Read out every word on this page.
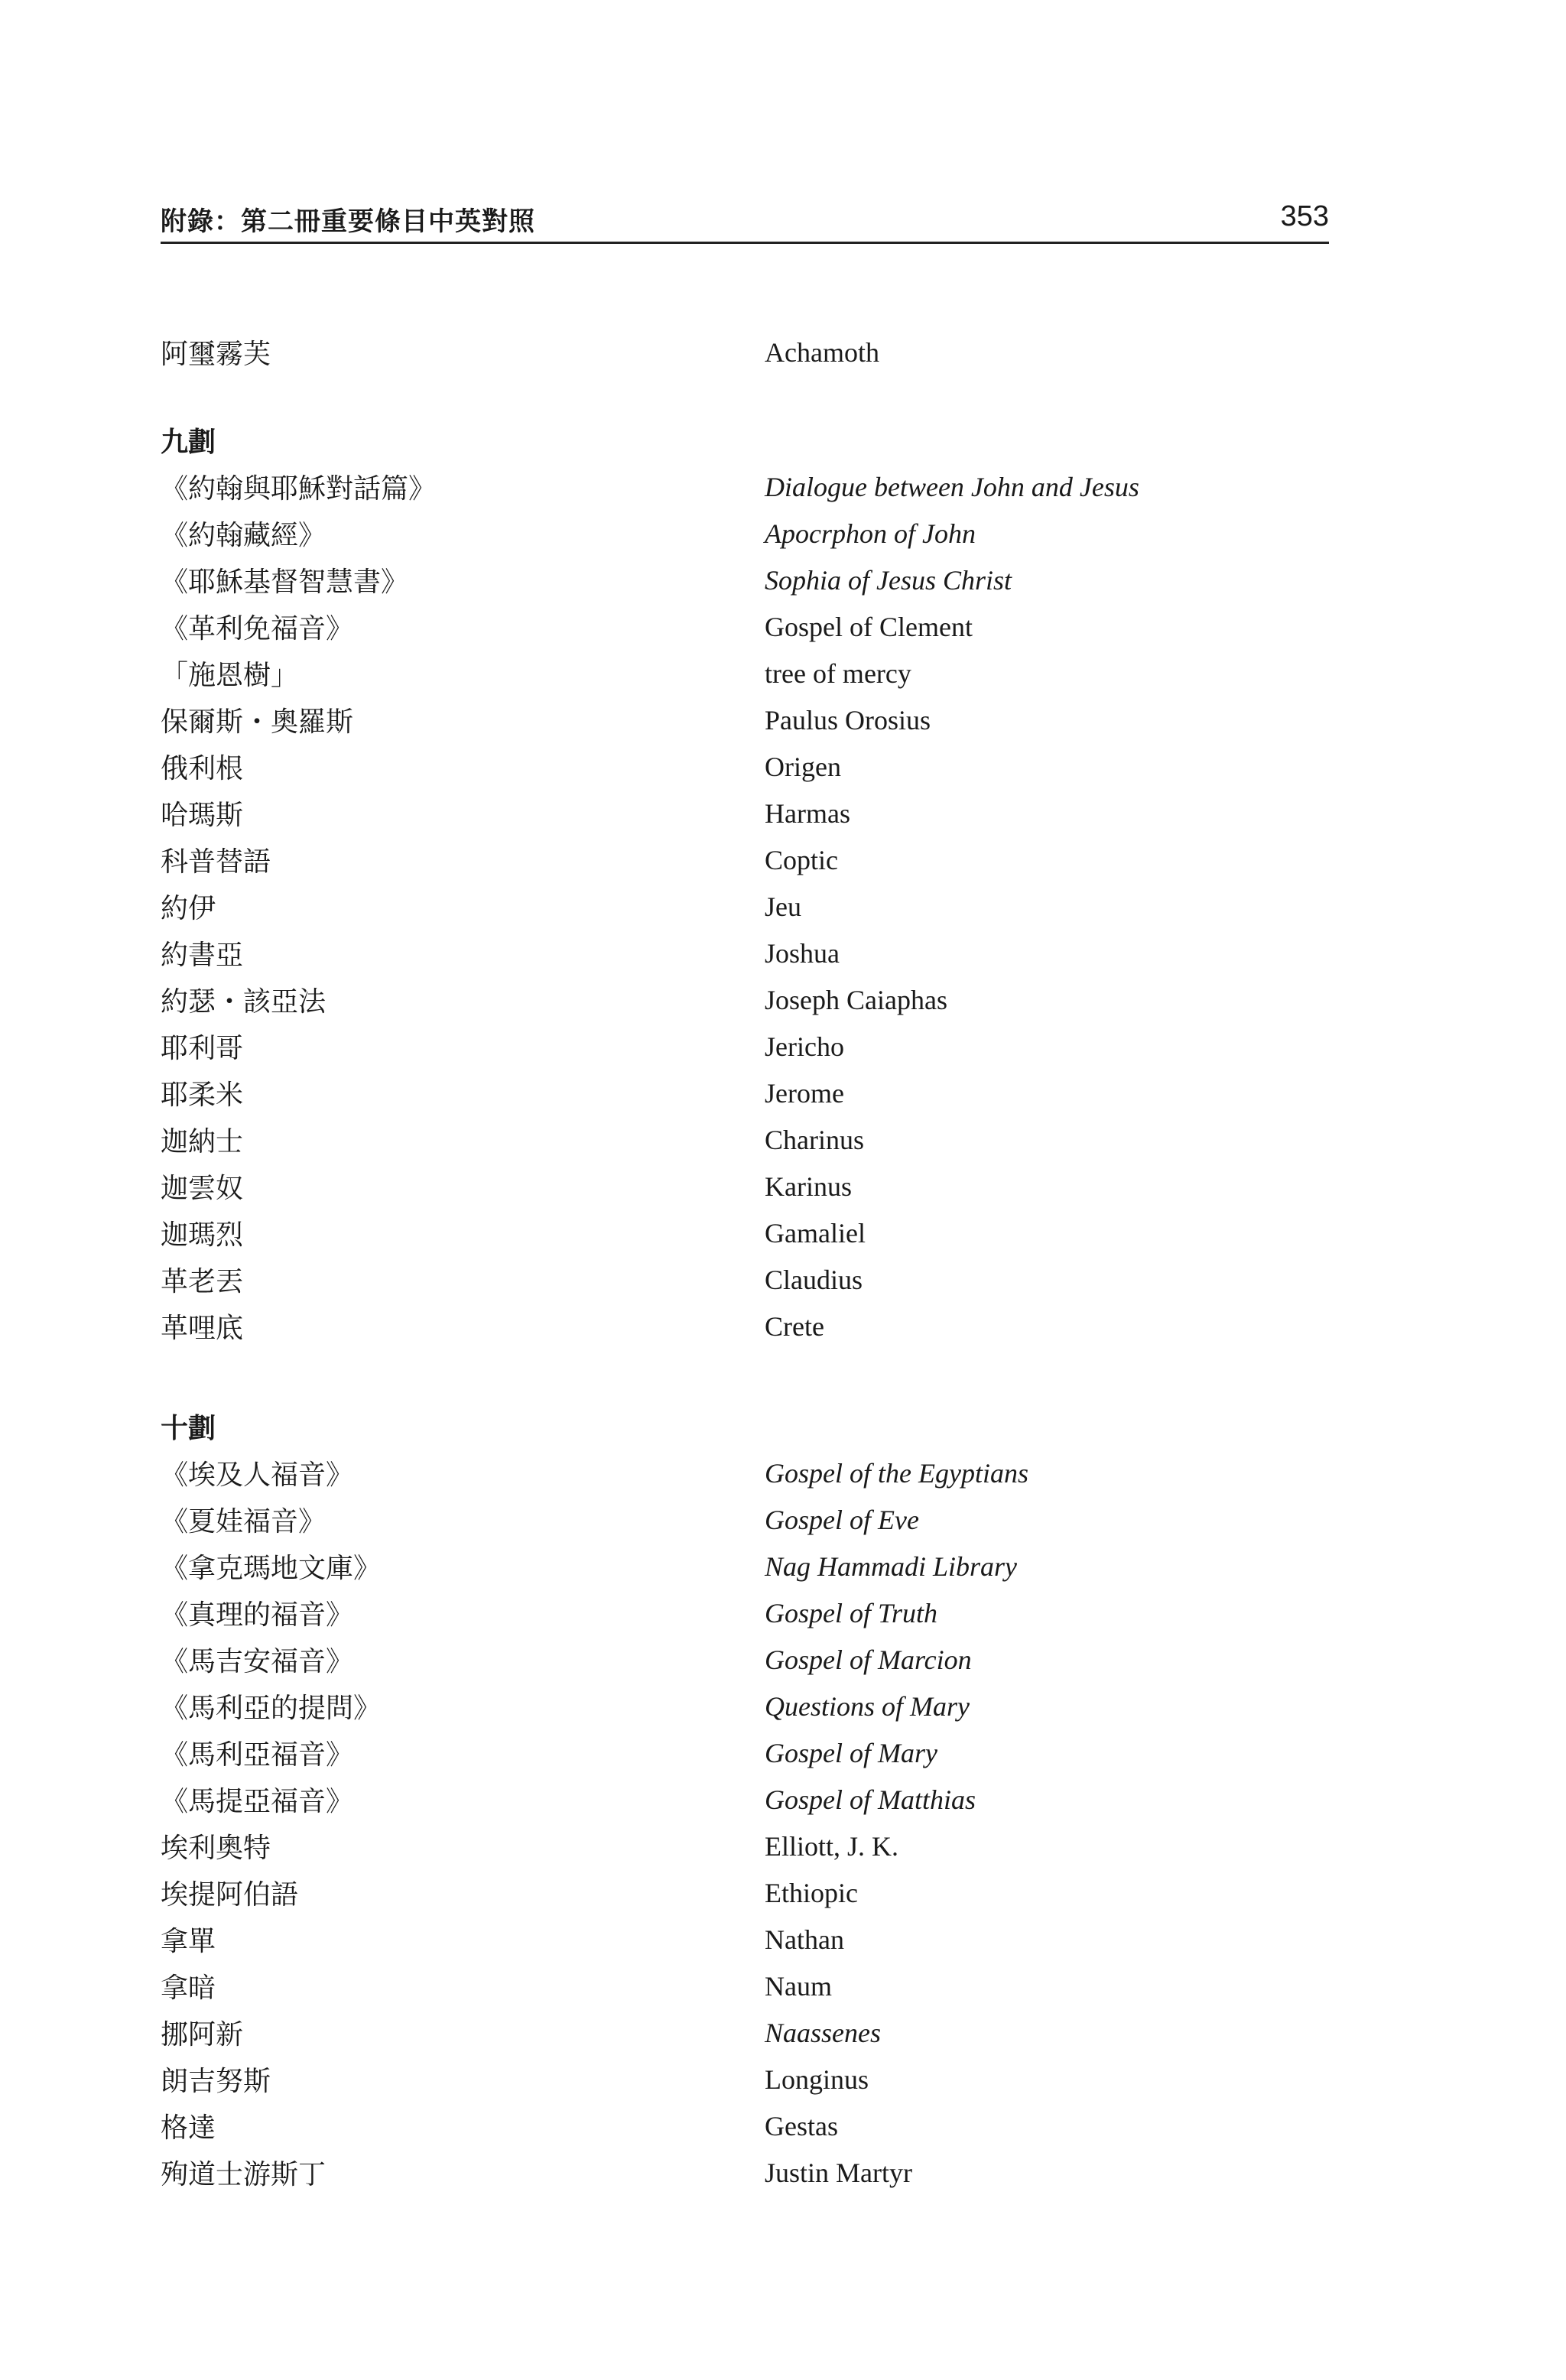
附錄：第二冊重要條目中英對照	353
阿璽霧芙	Achamoth
九劃
《約翰與耶穌對話篇》	Dialogue between John and Jesus
《約翰藏經》	Apocrphon of John
《耶穌基督智慧書》	Sophia of Jesus Christ
《革利免福音》	Gospel of Clement
「施恩樹」	tree of mercy
保爾斯・奧羅斯	Paulus Orosius
俄利根	Origen
哈瑪斯	Harmas
科普替語	Coptic
約伊	Jeu
約書亞	Joshua
約瑟・該亞法	Joseph Caiaphas
耶利哥	Jericho
耶柔米	Jerome
迦納士	Charinus
迦雲奴	Karinus
迦瑪烈	Gamaliel
革老丟	Claudius
革哩底	Crete
十劃
《埃及人福音》	Gospel of the Egyptians
《夏娃福音》	Gospel of Eve
《拿克瑪地文庫》	Nag Hammadi Library
《真理的福音》	Gospel of Truth
《馬吉安福音》	Gospel of Marcion
《馬利亞的提問》	Questions of Mary
《馬利亞福音》	Gospel of Mary
《馬提亞福音》	Gospel of Matthias
埃利奧特	Elliott, J. K.
埃提阿伯語	Ethiopic
拿單	Nathan
拿暗	Naum
挪阿新	Naassenes
朗吉努斯	Longinus
格達	Gestas
殉道士游斯丁	Justin Martyr
